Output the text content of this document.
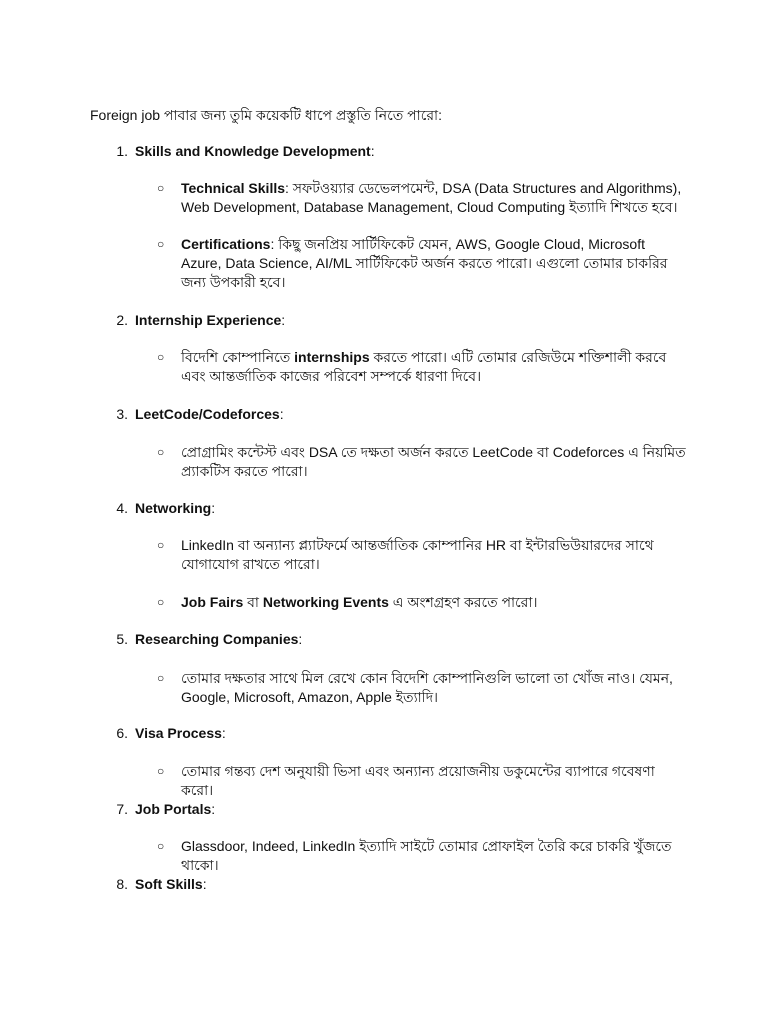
Foreign job পাবার জন্য তুমি কয়েকটি ধাপে প্রস্তুতি নিতে পারো:
1. Skills and Knowledge Development:
○ Technical Skills: সফটওয়্যার ডেভেলপমেন্ট, DSA (Data Structures and Algorithms), Web Development, Database Management, Cloud Computing ইত্যাদি শিখতে হবে।
○ Certifications: কিছু জনপ্রিয় সার্টিফিকেট যেমন, AWS, Google Cloud, Microsoft Azure, Data Science, AI/ML সার্টিফিকেট অর্জন করতে পারো। এগুলো তোমার চাকরির জন্য উপকারী হবে।
2. Internship Experience:
○ বিদেশি কোম্পানিতে internships করতে পারো। এটি তোমার রেজিউমে শক্তিশালী করবে এবং আন্তর্জাতিক কাজের পরিবেশ সম্পর্কে ধারণা দিবে।
3. LeetCode/Codeforces:
○ প্রোগ্রামিং কন্টেস্ট এবং DSA তে দক্ষতা অর্জন করতে LeetCode বা Codeforces এ নিয়মিত প্র্যাকটিস করতে পারো।
4. Networking:
○ LinkedIn বা অন্যান্য প্ল্যাটফর্মে আন্তর্জাতিক কোম্পানির HR বা ইন্টারভিউয়ারদের সাথে যোগাযোগ রাখতে পারো।
○ Job Fairs বা Networking Events এ অংশগ্রহণ করতে পারো।
5. Researching Companies:
○ তোমার দক্ষতার সাথে মিল রেখে কোন বিদেশি কোম্পানিগুলি ভালো তা খোঁজ নাও। যেমন, Google, Microsoft, Amazon, Apple ইত্যাদি।
6. Visa Process:
○ তোমার গন্তব্য দেশ অনুযায়ী ভিসা এবং অন্যান্য প্রয়োজনীয় ডকুমেন্টের ব্যাপারে গবেষণা করো।
7. Job Portals:
○ Glassdoor, Indeed, LinkedIn ইত্যাদি সাইটে তোমার প্রোফাইল তৈরি করে চাকরি খুঁজতে থাকো।
8. Soft Skills:
